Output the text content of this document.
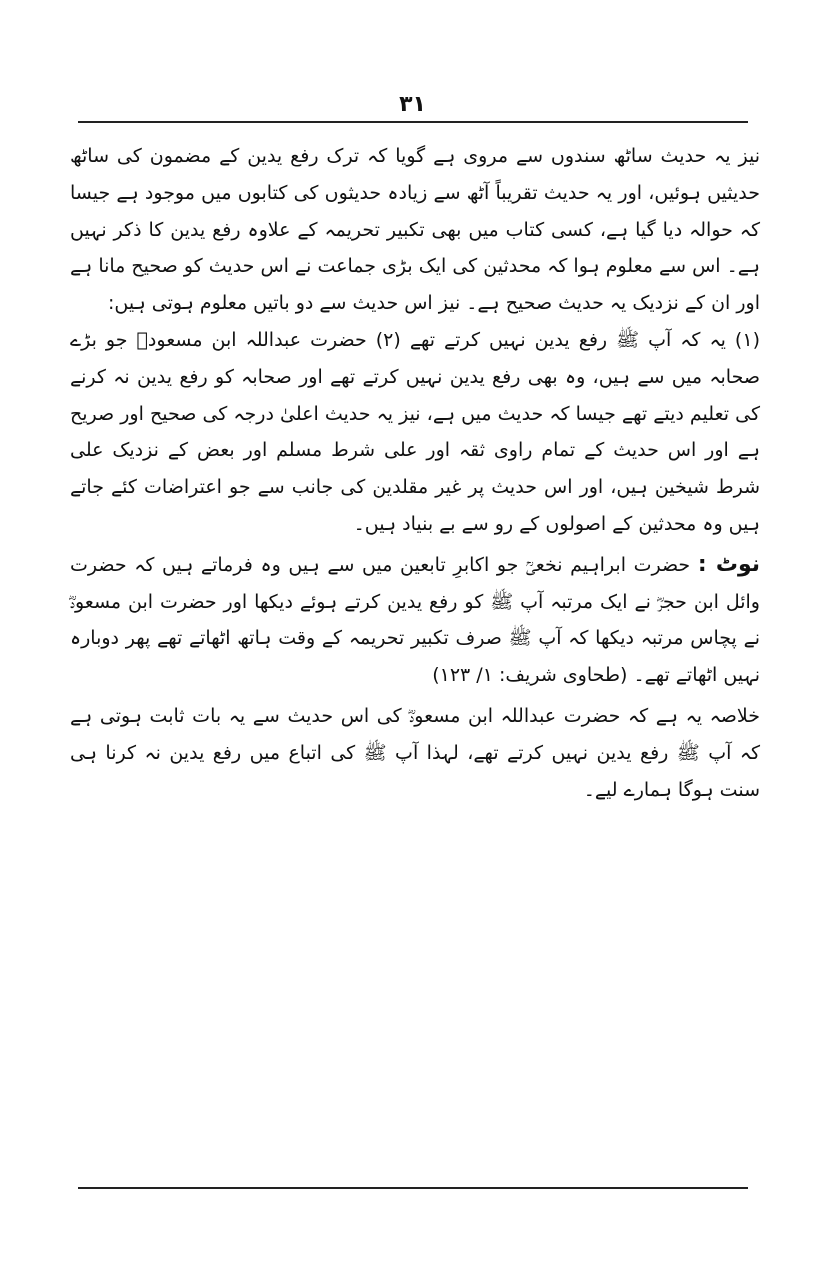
۳۱

نیز یہ حدیث ساٹھ سندوں سے مروی ہے گویا کہ ترک رفع یدین کے مضمون کی ساٹھ حدیثیں ہوئیں، اور یہ حدیث تقریباً آٹھ سے زیادہ حدیثوں کی کتابوں میں موجود ہے جیسا کہ حوالہ دیا گیا ہے، کسی کتاب میں بھی تکبیر تحریمہ کے علاوہ رفع یدین کا ذکر نہیں ہے۔ اس سے معلوم ہوا کہ محدثین کی ایک بڑی جماعت نے اس حدیث کو صحیح مانا ہے اور ان کے نزدیک یہ حدیث صحیح ہے۔ نیز اس حدیث سے دو باتیں معلوم ہوتی ہیں:

(۱) یہ کہ آپ ﷺ رفع یدین نہیں کرتے تھے (۲) حضرت عبداللہ ابن مسعودؓ جو بڑے صحابہ میں سے ہیں، وہ بھی رفع یدین نہیں کرتے تھے اور صحابہ کو رفع یدین نہ کرنے کی تعلیم دیتے تھے جیسا کہ حدیث میں ہے، نیز یہ حدیث اعلیٰ درجہ کی صحیح اور صریح ہے اور اس حدیث کے تمام راوی ثقہ اور علی شرط مسلم اور بعض کے نزدیک علی شرط شیخین ہیں، اور اس حدیث پر غیر مقلدین کی جانب سے جو اعتراضات کئے جاتے ہیں وہ محدثین کے اصولوں کے رو سے بے بنیاد ہیں۔

نوٹ : حضرت ابراہیم نخعیؒ جو اکابرِ تابعین میں سے ہیں وہ فرماتے ہیں کہ حضرت وائل ابن حجرؓ نے ایک مرتبہ آپ ﷺ کو رفع یدین کرتے ہوئے دیکھا اور حضرت ابن مسعودؓ نے پچاس مرتبہ دیکھا کہ آپ ﷺ صرف تکبیر تحریمہ کے وقت ہاتھ اٹھاتے تھے پھر دوبارہ نہیں اٹھاتے تھے۔ (طحاوی شریف: ۱/ ۱۲۳)

خلاصہ یہ ہے کہ حضرت عبداللہ ابن مسعودؓ کی اس حدیث سے یہ بات ثابت ہوتی ہے کہ آپ ﷺ رفع یدین نہیں کرتے تھے، لہذا آپ ﷺ کی اتباع میں رفع یدین نہ کرنا ہی سنت ہوگا ہمارے لیے۔
